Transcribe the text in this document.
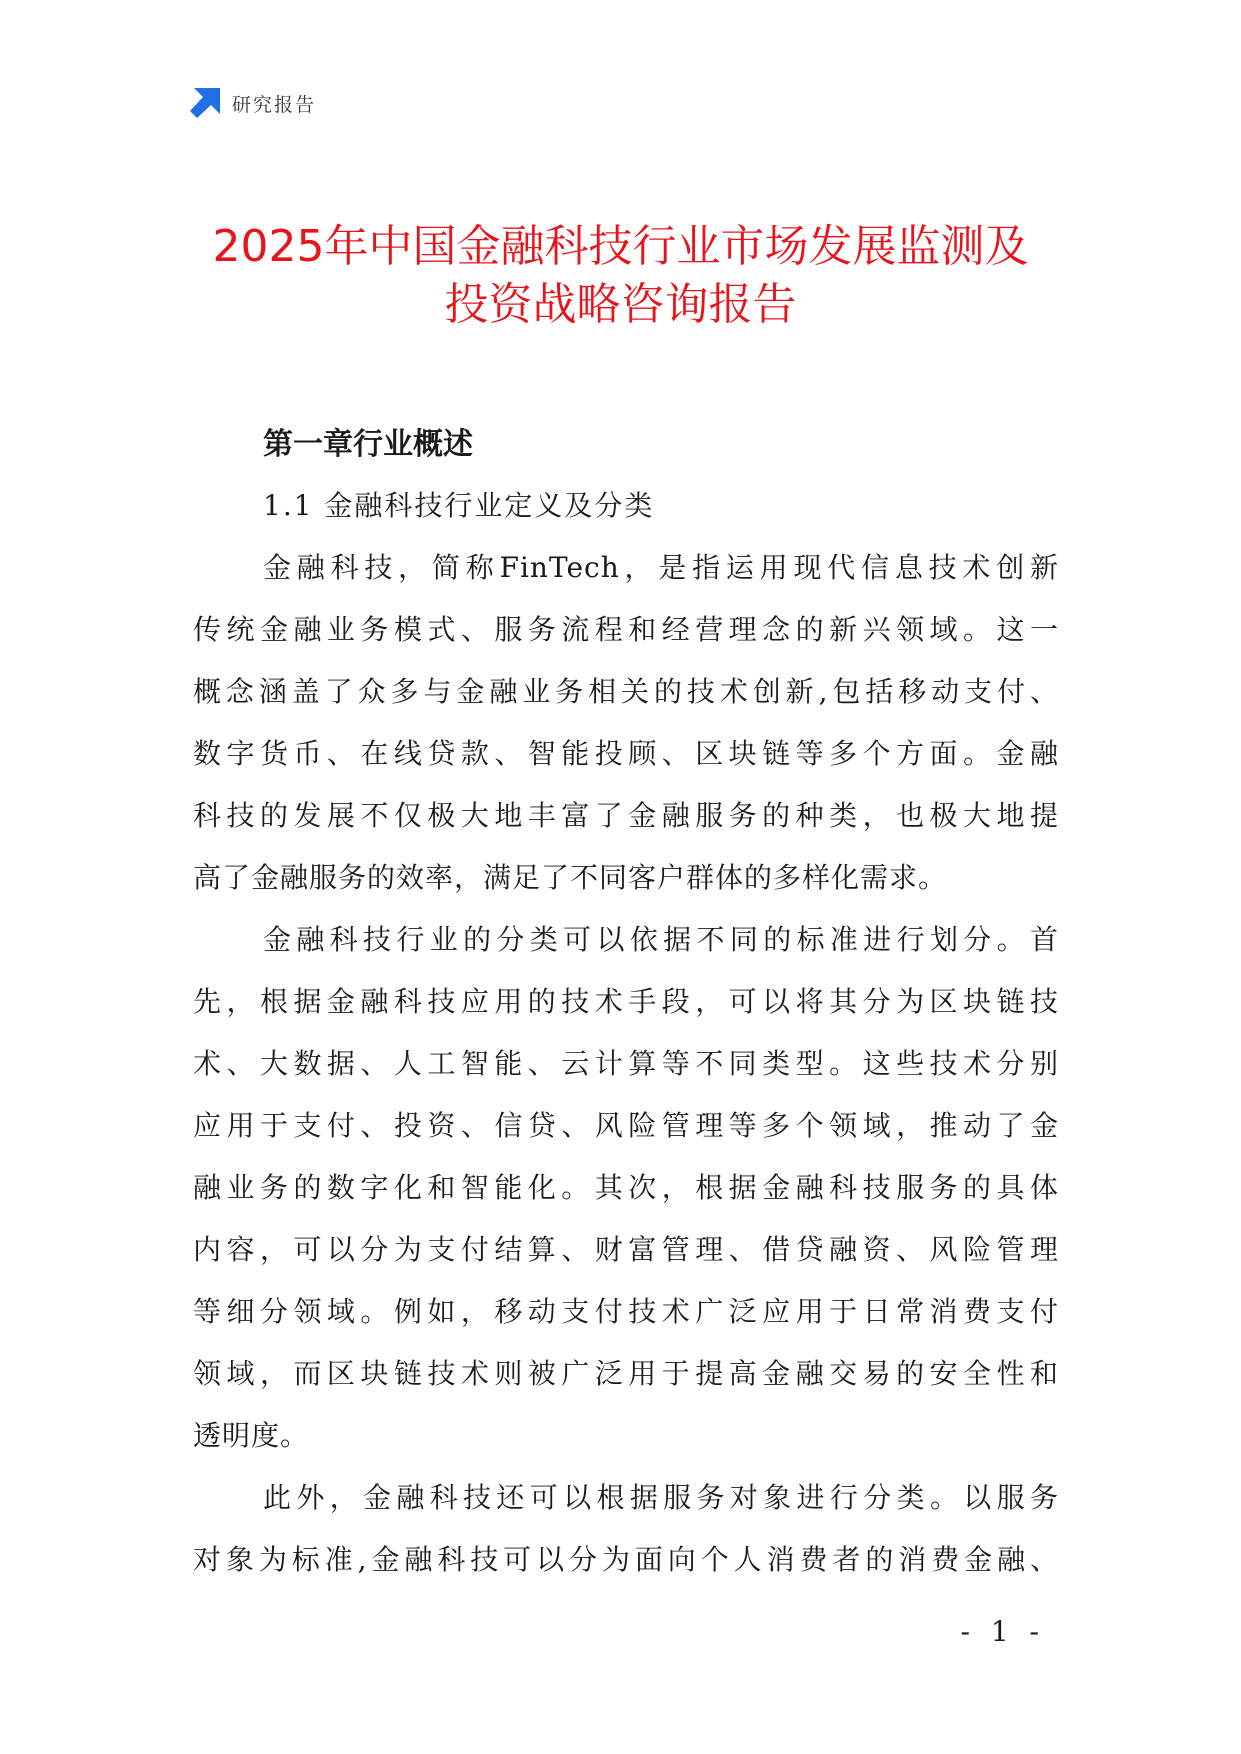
研究报告
2025年中国金融科技行业市场发展监测及
投资战略咨询报告
第一章行业概述
1.1 金融科技行业定义及分类

金融科技，简称FinTech，是指运用现代信息技术创新
传统金融业务模式、服务流程和经营理念的新兴领域。这一
概念涵盖了众多与金融业务相关的技术创新,包括移动支付、
数字货币、在线贷款、智能投顾、区块链等多个方面。金融
科技的发展不仅极大地丰富了金融服务的种类，也极大地提
高了金融服务的效率，满足了不同客户群体的多样化需求。

金融科技行业的分类可以依据不同的标准进行划分。首
先，根据金融科技应用的技术手段，可以将其分为区块链技
术、大数据、人工智能、云计算等不同类型。这些技术分别
应用于支付、投资、信贷、风险管理等多个领域，推动了金
融业务的数字化和智能化。其次，根据金融科技服务的具体
内容，可以分为支付结算、财富管理、借贷融资、风险管理
等细分领域。例如，移动支付技术广泛应用于日常消费支付
领域，而区块链技术则被广泛用于提高金融交易的安全性和
透明度。

此外，金融科技还可以根据服务对象进行分类。以服务
对象为标准,金融科技可以分为面向个人消费者的消费金融、

- 1 -
